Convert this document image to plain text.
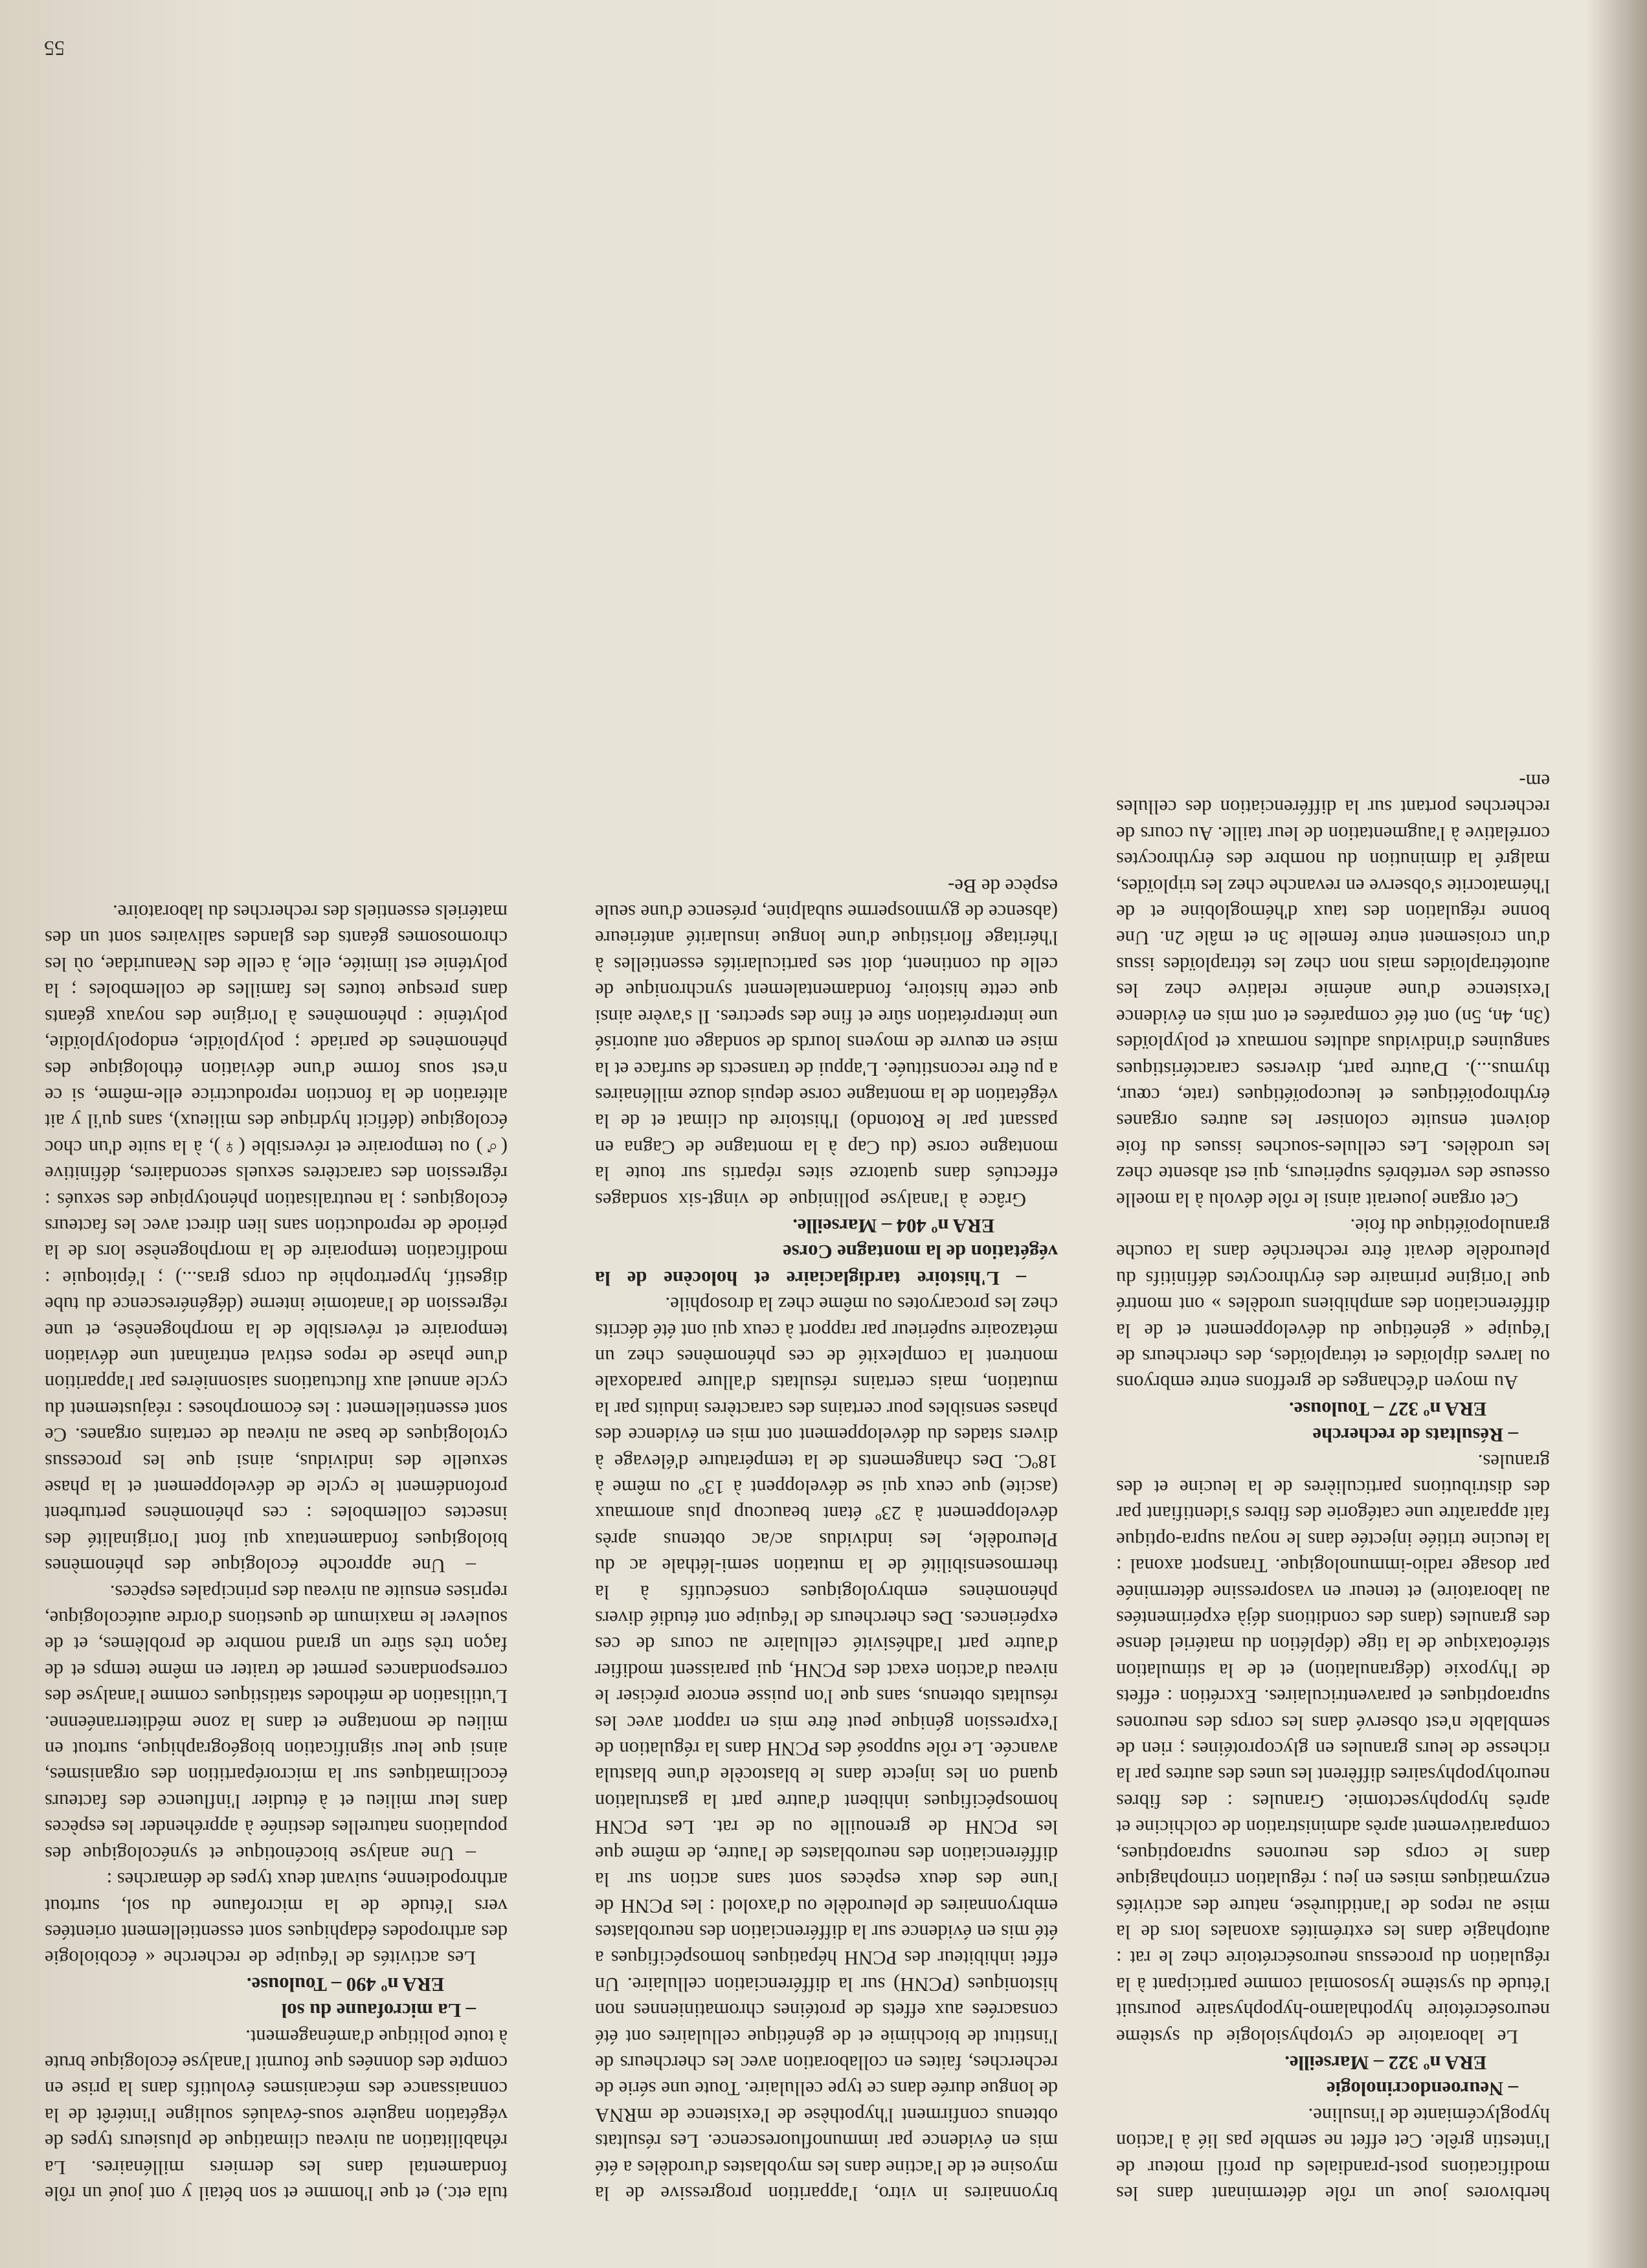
herbivores joue un rôle déterminant dans les modifications post-prandiales du profil moteur de l'intestin grêle. Cet effet ne semble pas lié à l'action hypoglycémiante de l'insuline.

– Neuroendocrinologie
ERA nº 322 – Marseille.

Le laboratoire de cytophysiologie du système neurosécrétoire hypothalamo-hypophysaire poursuit l'étude du système lysosomial comme participant à la régulation du processus neurosécrétoire chez le rat : autophagie dans les extrémités axonales lors de la mise au repos de l'antidiurèse, nature des activités enzymatiques mises en jeu ; régulation crinophagique dans le corps des neurones supraoptiques, comparativement après administration de colchicine et après hypophysectomie. Granules : des fibres neurohypophysaires diffèrent les unes des autres par la richesse de leurs granules en glycoprotéines ; rien de semblable n'est observé dans les corps des neurones supraoptiques et paraventriculaires. Excrétion : effets de l'hypoxie (dégranulation) et de la stimulation stéréotaxique de la tige (déplétion du matériel dense des granules (dans des conditions déjà expérimentées au laboratoire) et teneur en vasopressine déterminée par dosage radio-immunologique. Transport axonal : la leucine tritiée injectée dans le noyau supra-optique fait apparaître une catégorie des fibres s'identifiant par des distributions particulières de la leucine et des granules.

– Résultats de recherche
ERA nº 327 – Toulouse.

Au moyen d'échanges de greffons entre embryons ou larves diploïdes et tétraploïdes, des chercheurs de l'équipe « génétique du développement et de la différenciation des amphibiens urodèles » ont montré que l'origine primaire des érythrocytes définitifs du pleurodèle devait être recherchée dans la couche granulopoïétique du foie.

Cet organe jouerait ainsi le rôle dévolu à la moelle osseuse des vertébrés supérieurs, qui est absente chez les urodèles. Les cellules-souches issues du foie doivent ensuite coloniser les autres organes érythropoïétiques et leucopoïétiques (rate, cœur, thymus...). D'autre part, diverses caractéristiques sanguines d'individus adultes normaux et polyploïdes (3n, 4n, 5n) ont été comparées et ont mis en évidence l'existence d'une anémie relative chez les autotétraploïdes mais non chez les tétraploïdes issus d'un croisement entre femelle 3n et mâle 2n. Une bonne régulation des taux d'hémoglobine et de l'hématocrite s'observe en revanche chez les triploïdes, malgré la diminution du nombre des érythrocytes corrélative à l'augmentation de leur taille. Au cours de recherches portant sur la différenciation des cellules em-

bryonnaires in vitro, l'apparition progressive de la myosine et de l'actine dans les myoblastes d'urodèles a été mis en évidence par immunofluorescence. Les résultats obtenus confirment l'hypothèse de l'existence de mRNA de longue durée dans ce type cellulaire. Toute une série de recherches, faites en collaboration avec les chercheurs de l'institut de biochimie et de génétique cellulaires ont été consacrées aux effets de protéines chromatiniennes non histoniques (PCNH) sur la différenciation cellulaire. Un effet inhibiteur des PCNH hépatiques homospécifiques a été mis en évidence sur la différenciation des neuroblastes embryonnaires de pleurodèle ou d'axolotl : les PCNH de l'une des deux espèces sont sans action sur la différenciation des neuroblastes de l'autre, de même que les PCNH de grenouille ou de rat. Les PCNH homospécifiques inhibent d'autre part la gastrulation quand on les injecte dans le blastocèle d'une blastula avancée. Le rôle supposé des PCNH dans la régulation de l'expression génique peut être mis en rapport avec les résultats obtenus, sans que l'on puisse encore préciser le niveau d'action exact des PCNH, qui paraissent modifier d'autre part l'adhésivité cellulaire au cours de ces expériences. Des chercheurs de l'équipe ont étudié divers phénomènes embryologiques consécutifs à la thermosensibilité de la mutation semi-léthale ac du Pleurodèle, les individus ac/ac obtenus après développement à 23º étant beaucoup plus anormaux (ascite) que ceux qui se développent à 13º ou même à 18ºC. Des changements de la température d'élevage à divers stades du développement ont mis en évidence des phases sensibles pour certains des caractères induits par la mutation, mais certains résultats d'allure paradoxale montrent la complexité de ces phénomènes chez un métazoaire supérieur par rapport à ceux qui ont été décrits chez les procaryotes ou même chez la drosophile.

– L'histoire tardiglaciaire et holocène de la végétation de la montagne Corse
ERA nº 404 – Marseille.

Grâce à l'analyse pollinique de vingt-six sondages effectués dans quatorze sites répartis sur toute la montagne corse (du Cap à la montagne de Cagna en passant par le Rotondo) l'histoire du climat et de la végétation de la montagne corse depuis douze millénaires a pu être reconstituée. L'appui de transects de surface et la mise en œuvre de moyens lourds de sondage ont autorisé une interprétation sûre et fine des spectres. Il s'avère ainsi que cette histoire, fondamentalement synchronique de celle du continent, doit ses particularités essentielles à l'héritage floristique d'une longue insularité antérieure (absence de gymnosperme subalpine, présence d'une seule espèce de Be-

tula etc.) et que l'homme et son bétail y ont joué un rôle fondamental dans les derniers millénaires. La réhabilitation au niveau climatique de plusieurs types de végétation naguère sous-évalués souligne l'intérêt de la connaissance des mécanismes évolutifs dans la prise en compte des données que fournit l'analyse écologique brute à toute politique d'aménagement.

– La microfaune du sol
ERA nº 490 – Toulouse.

Les activités de l'équipe de recherche « écobiologie des arthropodes édaphiques sont essentiellement orientées vers l'étude de la microfaune du sol, surtout arthropodienne, suivant deux types de démarches :

– Une analyse biocénotique et synécologique des populations naturelles destinée à appréhender les espèces dans leur milieu et à étudier l'influence des facteurs écoclimatiques sur la microrépartition des organismes, ainsi que leur signification biogéographique, surtout en milieu de montagne et dans la zone méditerranéenne. L'utilisation de méthodes statistiques comme l'analyse des correspondances permet de traiter en même temps et de façon très sûre un grand nombre de problèmes, et de soulever le maximum de questions d'ordre autécologique, reprises ensuite au niveau des principales espèces.

– Une approche écologique des phénomènes biologiques fondamentaux qui font l'originalité des insectes collemboles : ces phénomènes perturbent profondément le cycle de développement et la phase sexuelle des individus, ainsi que les processus cytologiques de base au niveau de certains organes. Ce sont essentiellement : les écomorphoses : réajustement du cycle annuel aux fluctuations saisonnières par l'apparition d'une phase de repos estival entraînant une déviation temporaire et réversible de la morphogenèse, et une régression de l'anatomie interne (dégénérescence du tube digestif, hypertrophie du corps gras...) ; l'épitoquie : modification temporaire de la morphogenèse lors de la période de reproduction sans lien direct avec les facteurs écologiques ; la neutralisation phénotypique des sexués : régression des caractères sexuels secondaires, définitive (♂) ou temporaire et réversible (♀), à la suite d'un choc écologique (déficit hydrique des milieux), sans qu'il y ait altération de la fonction reproductrice elle-même, si ce n'est sous forme d'une déviation éthologique des phénomènes de pariade ; polyploïdie, endopolyploïdie, polyténie : phénomènes à l'origine des noyaux géants dans presque toutes les familles de collemboles ; la polyténie est limitée, elle, à celle des Neanuridae, où les chromosomes géants des glandes salivaires sont un des matériels essentiels des recherches du laboratoire.

55
